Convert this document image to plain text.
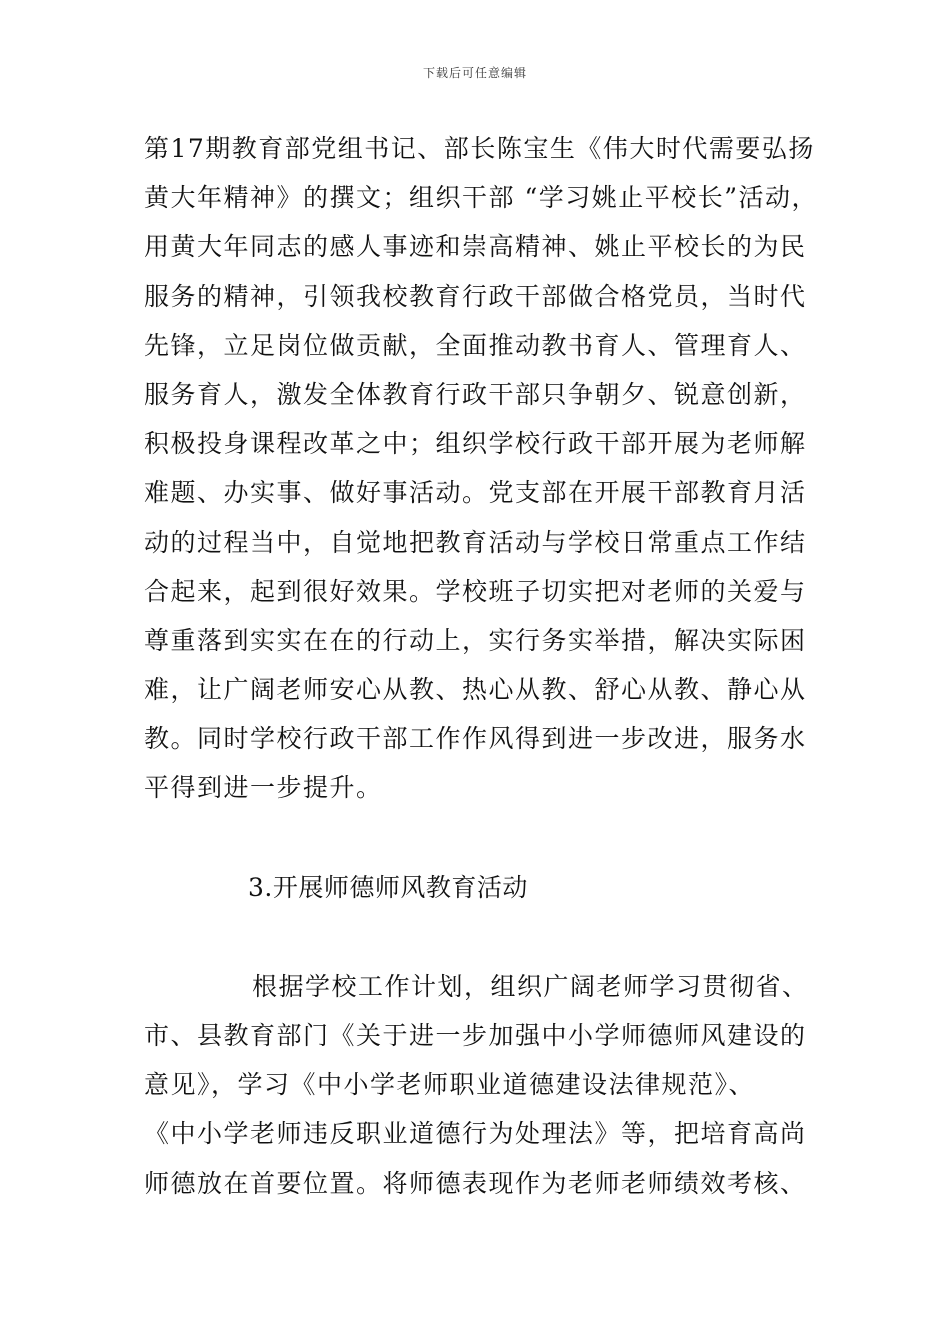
下载后可任意编辑
第17期教育部党组书记、部长陈宝生《伟大时代需要弘扬
黄大年精神》的撰文；组织干部 “学习姚止平校长”活动，
用黄大年同志的感人事迹和崇高精神、姚止平校长的为民
服务的精神，引领我校教育行政干部做合格党员，当时代
先锋，立足岗位做贡献，全面推动教书育人、管理育人、
服务育人，激发全体教育行政干部只争朝夕、锐意创新，
积极投身课程改革之中；组织学校行政干部开展为老师解
难题、办实事、做好事活动。党支部在开展干部教育月活
动的过程当中，自觉地把教育活动与学校日常重点工作结
合起来，起到很好效果。学校班子切实把对老师的关爱与
尊重落到实实在在的行动上，实行务实举措，解决实际困
难，让广阔老师安心从教、热心从教、舒心从教、静心从
教。同时学校行政干部工作作风得到进一步改进，服务水
平得到进一步提升。
3.开展师德师风教育活动
根据学校工作计划，组织广阔老师学习贯彻省、
市、县教育部门《关于进一步加强中小学师德师风建设的
意见》，学习《中小学老师职业道德建设法律规范》、
《中小学老师违反职业道德行为处理法》等，把培育高尚
师德放在首要位置。将师德表现作为老师老师绩效考核、
